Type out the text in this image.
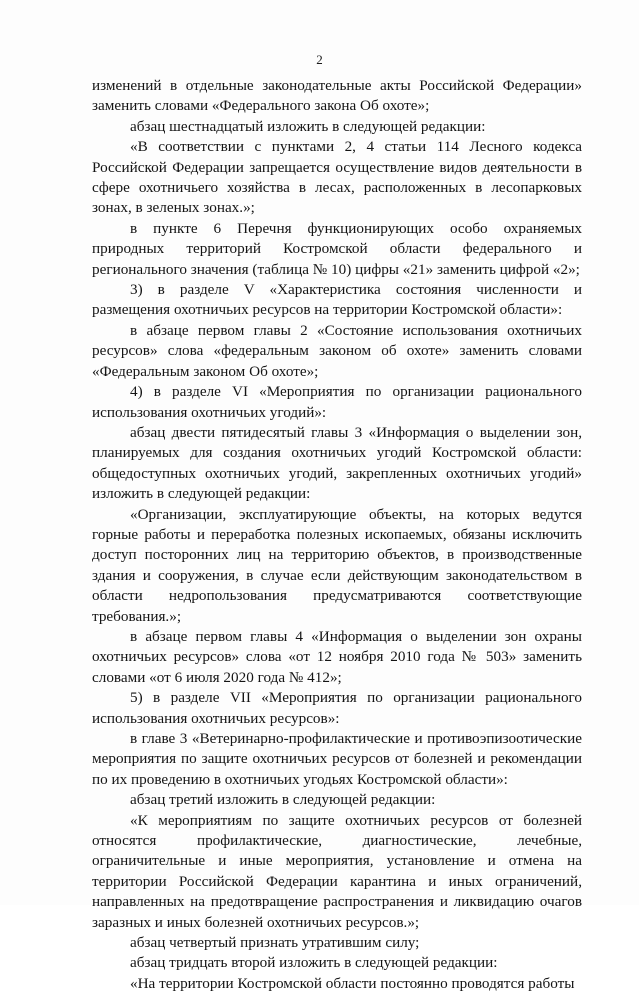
2

изменений в отдельные законодательные акты Российской Федерации» заменить словами «Федерального закона Об охоте»;

абзац шестнадцатый изложить в следующей редакции:

«В соответствии с пунктами 2, 4 статьи 114 Лесного кодекса Российской Федерации запрещается осуществление видов деятельности в сфере охотничьего хозяйства в лесах, расположенных в лесопарковых зонах, в зеленых зонах.»;

в пункте 6 Перечня функционирующих особо охраняемых природных территорий Костромской области федерального и регионального значения (таблица № 10) цифры «21» заменить цифрой «2»;

3) в разделе V «Характеристика состояния численности и размещения охотничьих ресурсов на территории Костромской области»:

в абзаце первом главы 2 «Состояние использования охотничьих ресурсов» слова «федеральным законом об охоте» заменить словами «Федеральным законом Об охоте»;

4) в разделе VI «Мероприятия по организации рационального использования охотничьих угодий»:

абзац двести пятидесятый главы 3 «Информация о выделении зон, планируемых для создания охотничьих угодий Костромской области: общедоступных охотничьих угодий, закрепленных охотничьих угодий» изложить в следующей редакции:

«Организации, эксплуатирующие объекты, на которых ведутся горные работы и переработка полезных ископаемых, обязаны исключить доступ посторонних лиц на территорию объектов, в производственные здания и сооружения, в случае если действующим законодательством в области недропользования предусматриваются соответствующие требования.»;

в абзаце первом главы 4 «Информация о выделении зон охраны охотничьих ресурсов» слова «от 12 ноября 2010 года № 503» заменить словами «от 6 июля 2020 года № 412»;

5) в разделе VII «Мероприятия по организации рационального использования охотничьих ресурсов»:

в главе 3 «Ветеринарно-профилактические и противоэпизоотические мероприятия по защите охотничьих ресурсов от болезней и рекомендации по их проведению в охотничьих угодьях Костромской области»:

абзац третий изложить в следующей редакции:

«К мероприятиям по защите охотничьих ресурсов от болезней относятся профилактические, диагностические, лечебные, ограничительные и иные мероприятия, установление и отмена на территории Российской Федерации карантина и иных ограничений, направленных на предотвращение распространения и ликвидацию очагов заразных и иных болезней охотничьих ресурсов.»;

абзац четвертый признать утратившим силу;

абзац тридцать второй изложить в следующей редакции:

«На территории Костромской области постоянно проводятся работы
